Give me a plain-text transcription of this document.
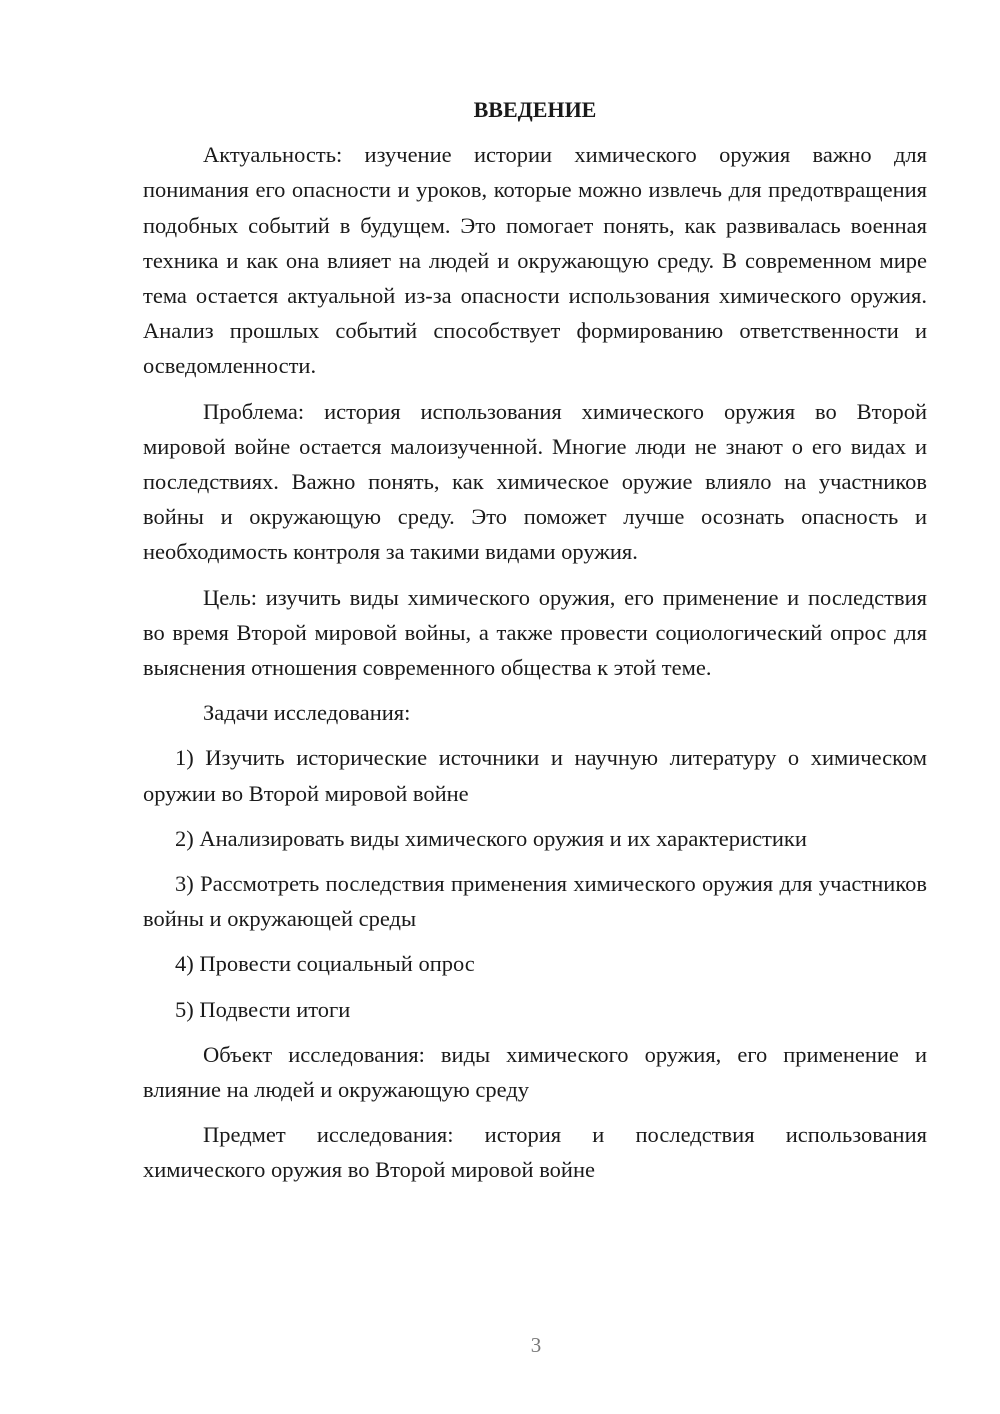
ВВЕДЕНИЕ

Актуальность: изучение истории химического оружия важно для понимания его опасности и уроков, которые можно извлечь для предотвращения подобных событий в будущем. Это помогает понять, как развивалась военная техника и как она влияет на людей и окружающую среду. В современном мире тема остается актуальной из-за опасности использования химического оружия. Анализ прошлых событий способствует формированию ответственности и осведомленности.

Проблема: история использования химического оружия во Второй мировой войне остается малоизученной. Многие люди не знают о его видах и последствиях. Важно понять, как химическое оружие влияло на участников войны и окружающую среду. Это поможет лучше осознать опасность и необходимость контроля за такими видами оружия.

Цель: изучить виды химического оружия, его применение и последствия во время Второй мировой войны, а также провести социологический опрос для выяснения отношения современного общества к этой теме.

Задачи исследования:

1) Изучить исторические источники и научную литературу о химическом оружии во Второй мировой войне

2) Анализировать виды химического оружия и их характеристики

3) Рассмотреть последствия применения химического оружия для участников войны и окружающей среды

4) Провести социальный опрос

5) Подвести итоги

Объект исследования: виды химического оружия, его применение и влияние на людей и окружающую среду

Предмет исследования: история и последствия использования химического оружия во Второй мировой войне

3
